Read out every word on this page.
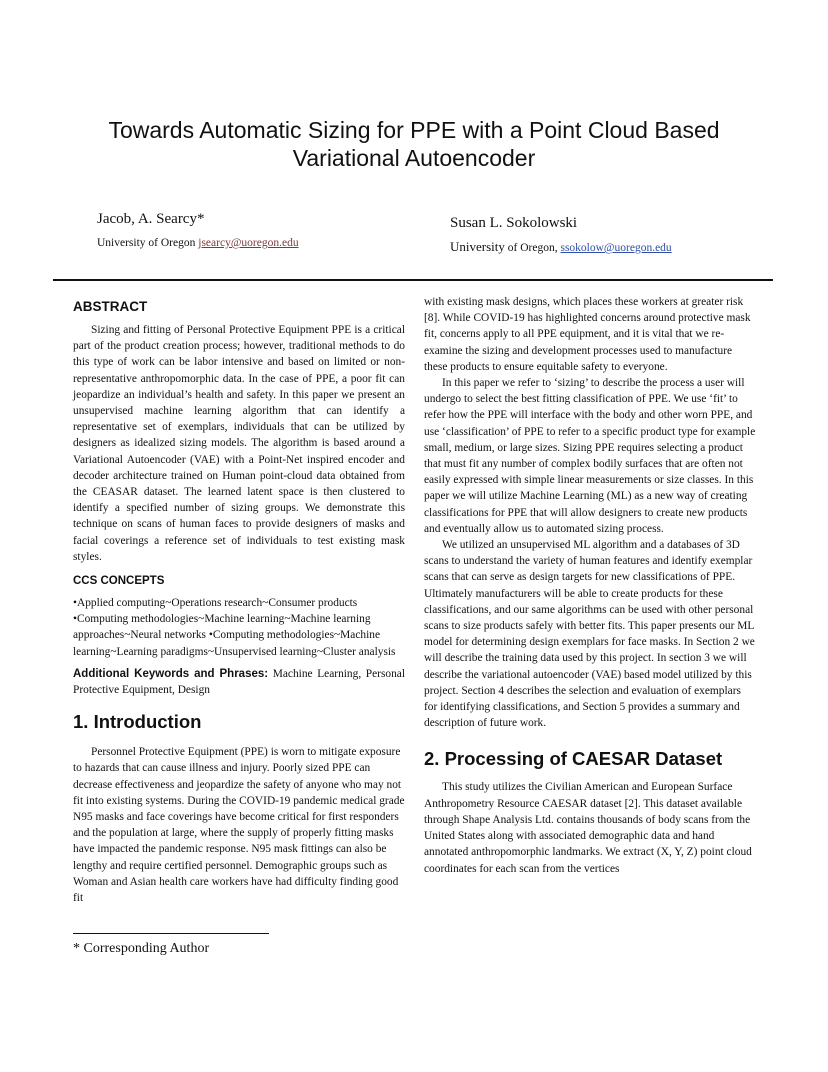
Towards Automatic Sizing for PPE with a Point Cloud Based
Variational Autoencoder
Jacob, A. Searcy*
University of Oregon jsearcy@uoregon.edu
Susan L. Sokolowski
University of Oregon, ssokolow@uoregon.edu
ABSTRACT

Sizing and fitting of Personal Protective Equipment PPE is a critical part of the product creation process; however, traditional methods to do this type of work can be labor intensive and based on limited or non-representative anthropomorphic data. In the case of PPE, a poor fit can jeopardize an individual’s health and safety. In this paper we present an unsupervised machine learning algorithm that can identify a representative set of exemplars, individuals that can be utilized by designers as idealized sizing models. The algorithm is based around a Variational Autoencoder (VAE) with a Point-Net inspired encoder and decoder architecture trained on Human point-cloud data obtained from the CEASAR dataset. The learned latent space is then clustered to identify a specified number of sizing groups. We demonstrate this technique on scans of human faces to provide designers of masks and facial coverings a reference set of individuals to test existing mask styles.

CCS CONCEPTS

•Applied computing~Operations research~Consumer products •Computing methodologies~Machine learning~Machine learning approaches~Neural networks •Computing methodologies~Machine learning~Learning paradigms~Unsupervised learning~Cluster analysis

Additional Keywords and Phrases: Machine Learning, Personal Protective Equipment, Design

1. Introduction

Personnel Protective Equipment (PPE) is worn to mitigate exposure to hazards that can cause illness and injury. Poorly sized PPE can decrease effectiveness and jeopardize the safety of anyone who may not fit into existing systems. During the COVID-19 pandemic medical grade N95 masks and face coverings have become critical for first responders and the population at large, where the supply of properly fitting masks have impacted the pandemic response. N95 mask fittings can also be lengthy and require certified personnel. Demographic groups such as Woman and Asian health care workers have had difficulty finding good fit

* Corresponding Author

with existing mask designs, which places these workers at greater risk [8]. While COVID-19 has highlighted concerns around protective mask fit, concerns apply to all PPE equipment, and it is vital that we re-examine the sizing and development processes used to manufacture these products to ensure equitable safety to everyone.

In this paper we refer to ‘sizing’ to describe the process a user will undergo to select the best fitting classification of PPE. We use ‘fit’ to refer how the PPE will interface with the body and other worn PPE, and use ‘classification’ of PPE to refer to a specific product type for example small, medium, or large sizes. Sizing PPE requires selecting a product that must fit any number of complex bodily surfaces that are often not easily expressed with simple linear measurements or size classes. In this paper we will utilize Machine Learning (ML) as a new way of creating classifications for PPE that will allow designers to create new products and eventually allow us to automated sizing process.

We utilized an unsupervised ML algorithm and a databases of 3D scans to understand the variety of human features and identify exemplar scans that can serve as design targets for new classifications of PPE. Ultimately manufacturers will be able to create products for these classifications, and our same algorithms can be used with other personal scans to size products safely with better fits. This paper presents our ML model for determining design exemplars for face masks. In Section 2 we will describe the training data used by this project. In section 3 we will describe the variational autoencoder (VAE) based model utilized by this project. Section 4 describes the selection and evaluation of exemplars for identifying classifications, and Section 5 provides a summary and description of future work.

2. Processing of CAESAR Dataset

This study utilizes the Civilian American and European Surface Anthropometry Resource CAESAR dataset [2]. This dataset available through Shape Analysis Ltd. contains thousands of body scans from the United States along with associated demographic data and hand annotated anthropomorphic landmarks. We extract (X, Y, Z) point cloud coordinates for each scan from the vertices
